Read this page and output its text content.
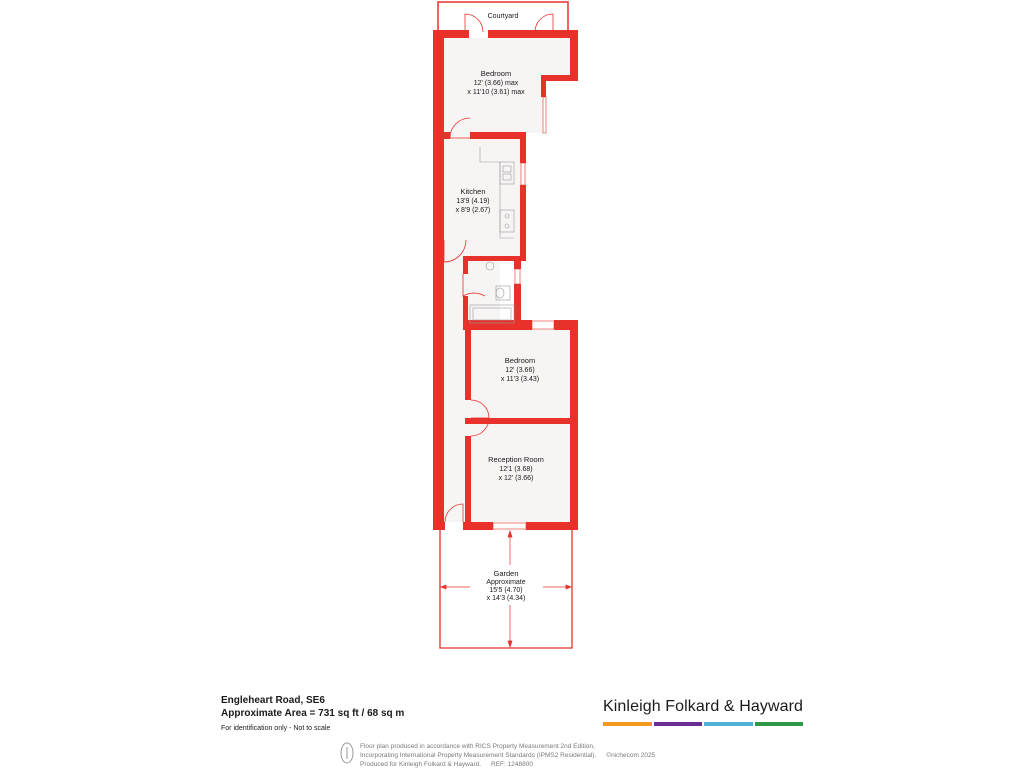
Courtyard
Bedroom
12' (3.66) max
x 11'10 (3.61) max
Kitchen
13'9 (4.19)
x 8'9 (2.67)
Bedroom
12' (3.66)
x 11'3 (3.43)
Reception Room
12'1 (3.68)
x 12' (3.66)
Garden
Approximate
15'5 (4.70)
x 14'3 (4.34)
Engleheart Road, SE6
Approximate Area = 731 sq ft / 68 sq m
For identification only - Not to scale
Kinleigh Folkard & Hayward
Floor plan produced in accordance with RICS Property Measurement 2nd Edition,
Incorporating International Property Measurement Standards (IPMS2 Residential). ©nichecom 2025
Produced for Kinleigh Folkard & Hayward. REF: 1248800
